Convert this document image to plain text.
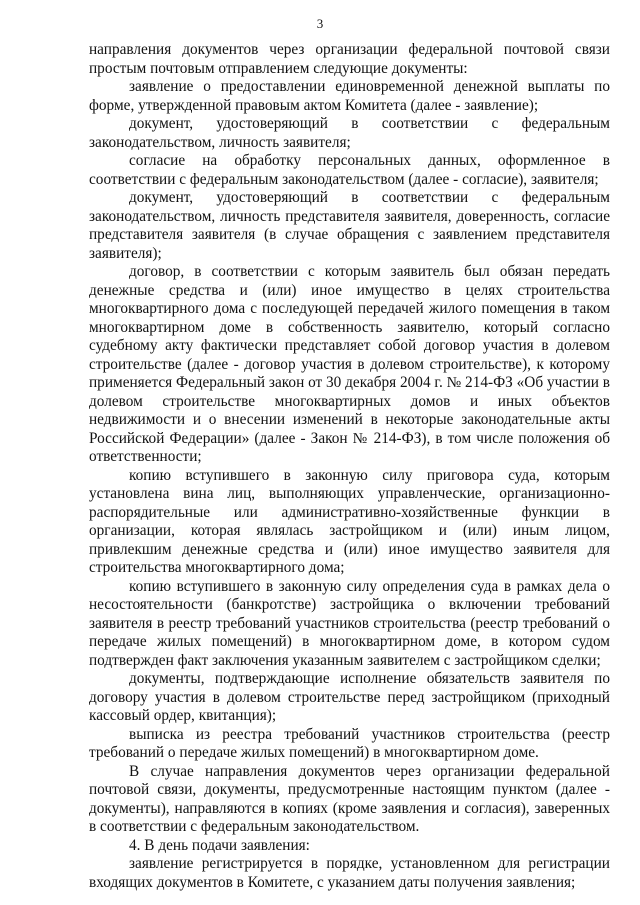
3

направления документов через организации федеральной почтовой связи простым почтовым отправлением следующие документы:

заявление о предоставлении единовременной денежной выплаты по форме, утвержденной правовым актом Комитета (далее - заявление);

документ, удостоверяющий в соответствии с федеральным законодательством, личность заявителя;

согласие на обработку персональных данных, оформленное в соответствии с федеральным законодательством (далее - согласие), заявителя;

документ, удостоверяющий в соответствии с федеральным законодательством, личность представителя заявителя, доверенность, согласие представителя заявителя (в случае обращения с заявлением представителя заявителя);

договор, в соответствии с которым заявитель был обязан передать денежные средства и (или) иное имущество в целях строительства многоквартирного дома с последующей передачей жилого помещения в таком многоквартирном доме в собственность заявителю, который согласно судебному акту фактически представляет собой договор участия в долевом строительстве (далее - договор участия в долевом строительстве), к которому применяется Федеральный закон от 30 декабря 2004 г. № 214-ФЗ «Об участии в долевом строительстве многоквартирных домов и иных объектов недвижимости и о внесении изменений в некоторые законодательные акты Российской Федерации» (далее - Закон № 214-ФЗ), в том числе положения об ответственности;

копию вступившего в законную силу приговора суда, которым установлена вина лиц, выполняющих управленческие, организационно-распорядительные или административно-хозяйственные функции в организации, которая являлась застройщиком и (или) иным лицом, привлекшим денежные средства и (или) иное имущество заявителя для строительства многоквартирного дома;

копию вступившего в законную силу определения суда в рамках дела о несостоятельности (банкротстве) застройщика о включении требований заявителя в реестр требований участников строительства (реестр требований о передаче жилых помещений) в многоквартирном доме, в котором судом подтвержден факт заключения указанным заявителем с застройщиком сделки;

документы, подтверждающие исполнение обязательств заявителя по договору участия в долевом строительстве перед застройщиком (приходный кассовый ордер, квитанция);

выписка из реестра требований участников строительства (реестр требований о передаче жилых помещений) в многоквартирном доме.

В случае направления документов через организации федеральной почтовой связи, документы, предусмотренные настоящим пунктом (далее - документы), направляются в копиях (кроме заявления и согласия), заверенных в соответствии с федеральным законодательством.

4. В день подачи заявления:

заявление регистрируется в порядке, установленном для регистрации входящих документов в Комитете, с указанием даты получения заявления;
